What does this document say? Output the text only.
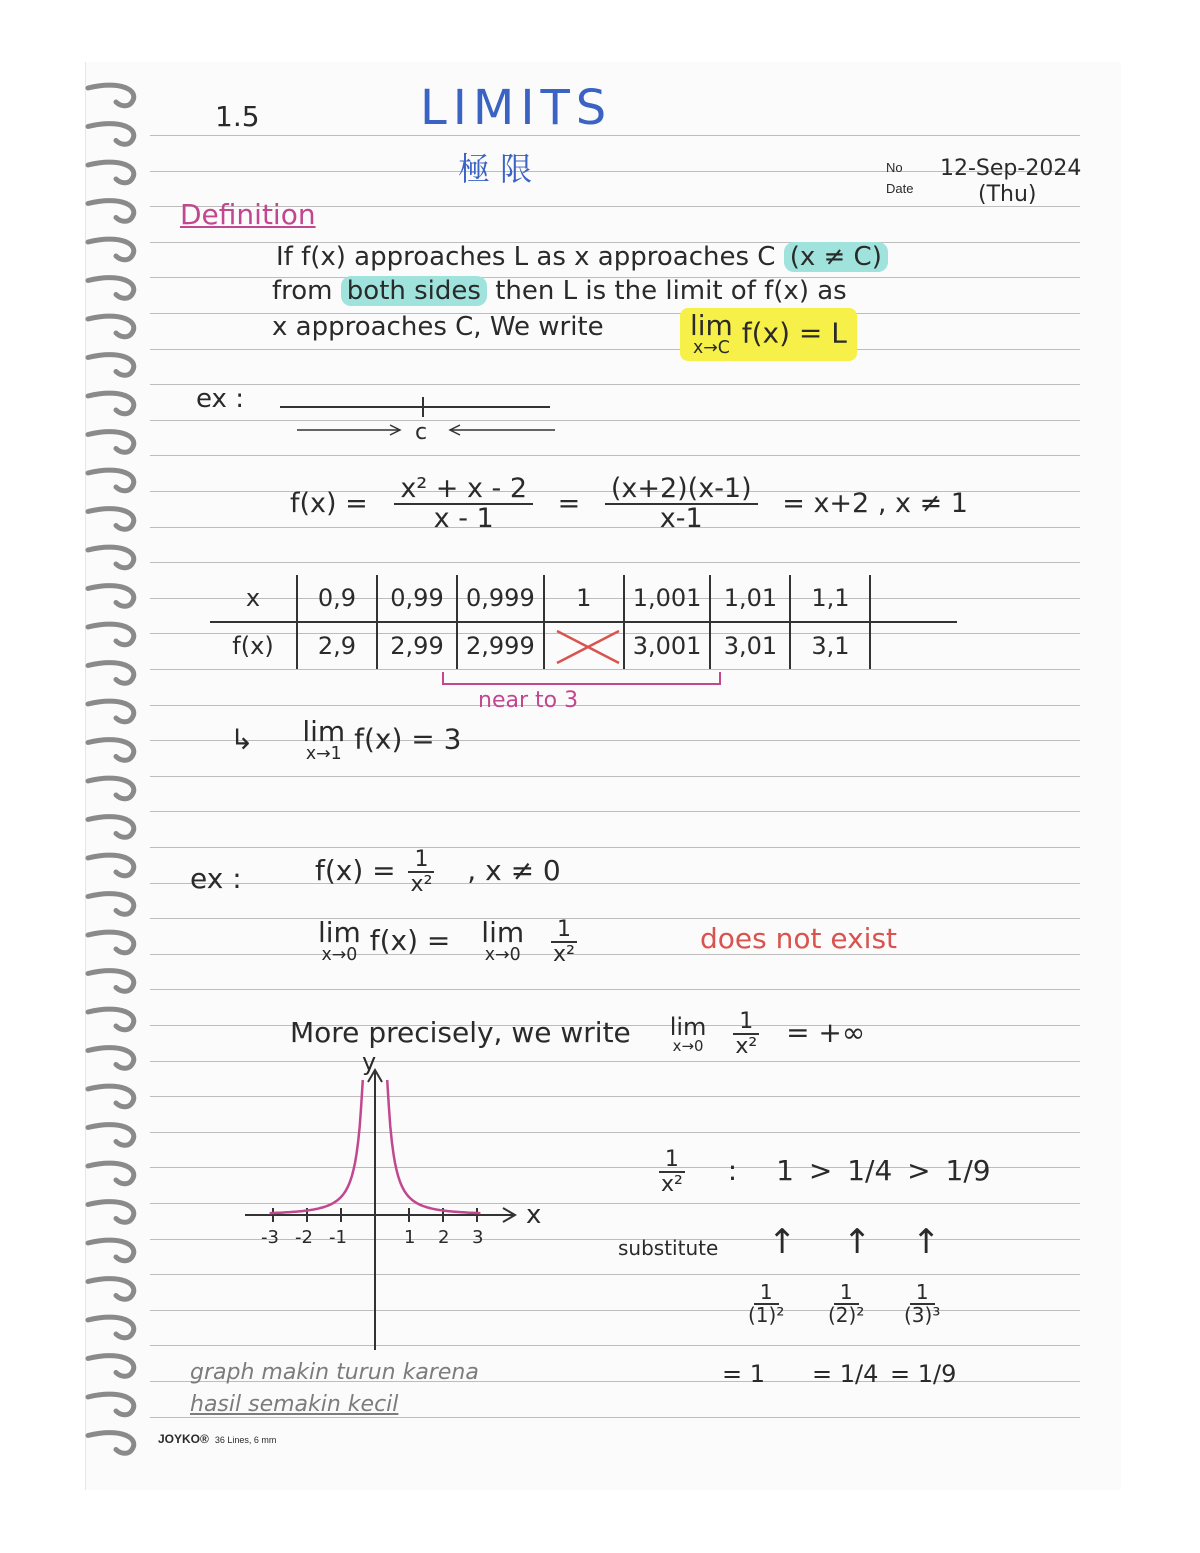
1.5	LIMITS
極 限	No
Date
12-Sep-2024
(Thu)
Definition
If f(x) approaches L as x approaches C (x ≠ C)
from both sides then L is the limit of f(x) as
x approaches C, We write	lim
x→C f(x) = L
ex :
c
$f(x) = \frac{\text{x² + x - 2}}{x - 1} = \frac{(x+2)(x-1)}{x-1} = x+2$ , x ≠ 1
x	0,9	0,99	0,999	1	1,001	1,01	1,1	
f(x)	2,9	2,99	2,999		3,001	3,01	3,1	
near to 3
↳ lim
x→1 f(x) = 3
ex :	$f(x) = \frac{1}{\text{x²}}$ , x ≠ 0
lim
x→0 f(x) = lim
x→0
$\frac{1}{\text{x²}}$	does not exist
More precisely, we write lim
x→0
$\frac{1}{\text{x²}}$ = +∞
y
x
-3 -2 -1	1 2 3
$\frac{1}{\text{x²}}$ : 1 > 1/4 > 1/9
substitute ↑ ↑ ↑
$\frac{1}{\text{(1)²}} \frac{1}{\text{(2)²}} \frac{1}{\text{(3)³}}$
= 1 = 1/4 = 1/9
graph makin turun karena
hasil semakin kecil
JOYKO® 36 Lines, 6 mm
